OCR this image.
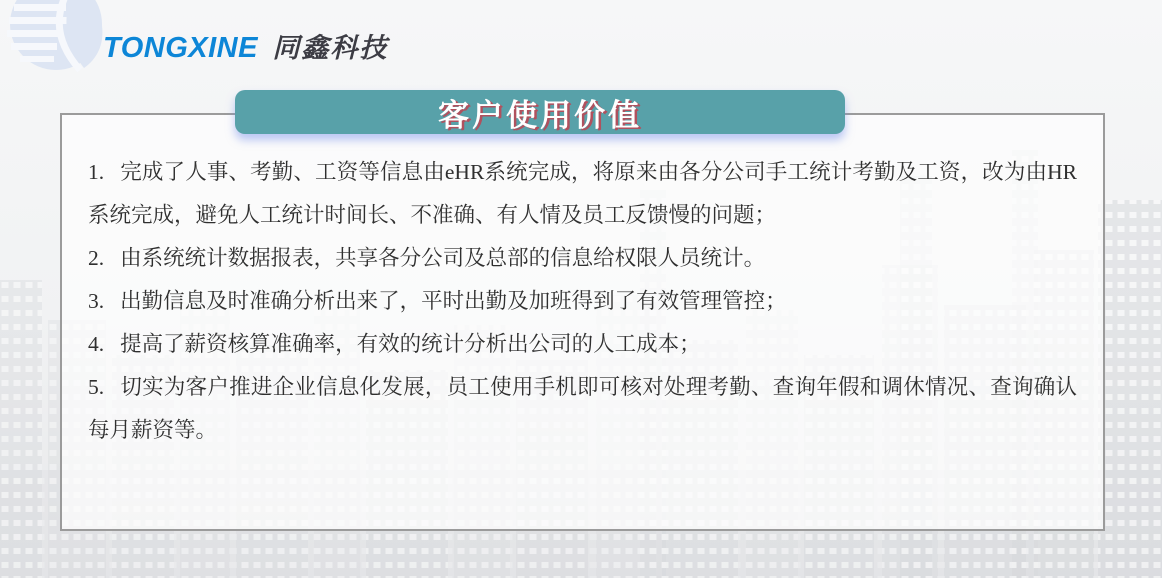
TONGXINE 同鑫科技

1. 完成了人事、考勤、工资等信息由eHR系统完成，将原来由各分公司手工统计考勤及工资，改为由HR系统完成，避免人工统计时间长、不准确、有人情及员工反馈慢的问题；

2. 由系统统计数据报表，共享各分公司及总部的信息给权限人员统计。

3. 出勤信息及时准确分析出来了，平时出勤及加班得到了有效管理管控；

4. 提高了薪资核算准确率，有效的统计分析出公司的人工成本；

5. 切实为客户推进企业信息化发展，员工使用手机即可核对处理考勤、查询年假和调休情况、查询确认每月薪资等。

客户使用价值
